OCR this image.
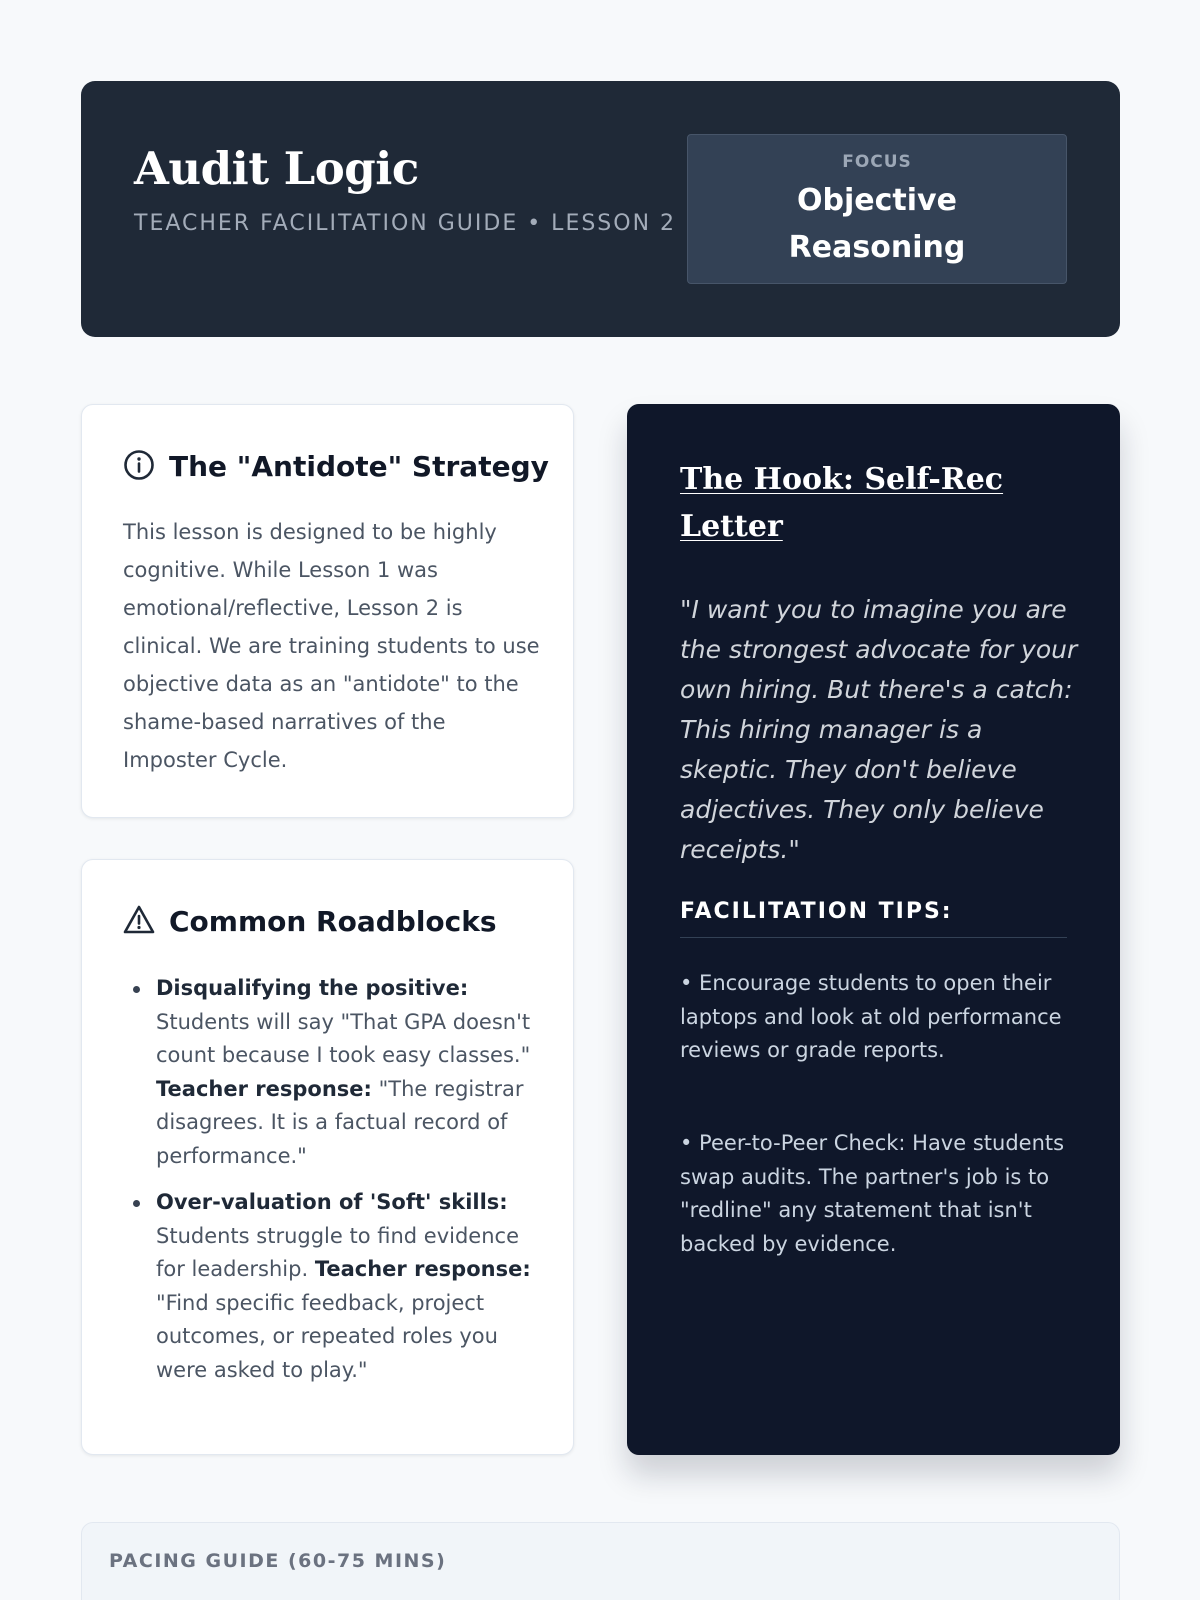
Audit Logic
TEACHER FACILITATION GUIDE • LESSON 2
FOCUS
Objective Reasoning
The "Antidote" Strategy

This lesson is designed to be highly cognitive. While Lesson 1 was emotional/reflective, Lesson 2 is clinical. We are training students to use objective data as an "antidote" to the shame-based narratives of the Imposter Cycle.

Common Roadblocks
Disqualifying the positive: Students will say "That GPA doesn't count because I took easy classes." Teacher response: "The registrar disagrees. It is a factual record of performance."
Over-valuation of 'Soft' skills: Students struggle to find evidence for leadership. Teacher response: "Find specific feedback, project outcomes, or repeated roles you were asked to play."
The Hook: Self-Rec Letter

"I want you to imagine you are the strongest advocate for your own hiring. But there's a catch: This hiring manager is a skeptic. They don't believe adjectives. They only believe receipts."

FACILITATION TIPS:

• Encourage students to open their laptops and look at old performance reviews or grade reports.

• Peer-to-Peer Check: Have students swap audits. The partner's job is to "redline" any statement that isn't backed by evidence.

PACING GUIDE (60-75 MINS)
